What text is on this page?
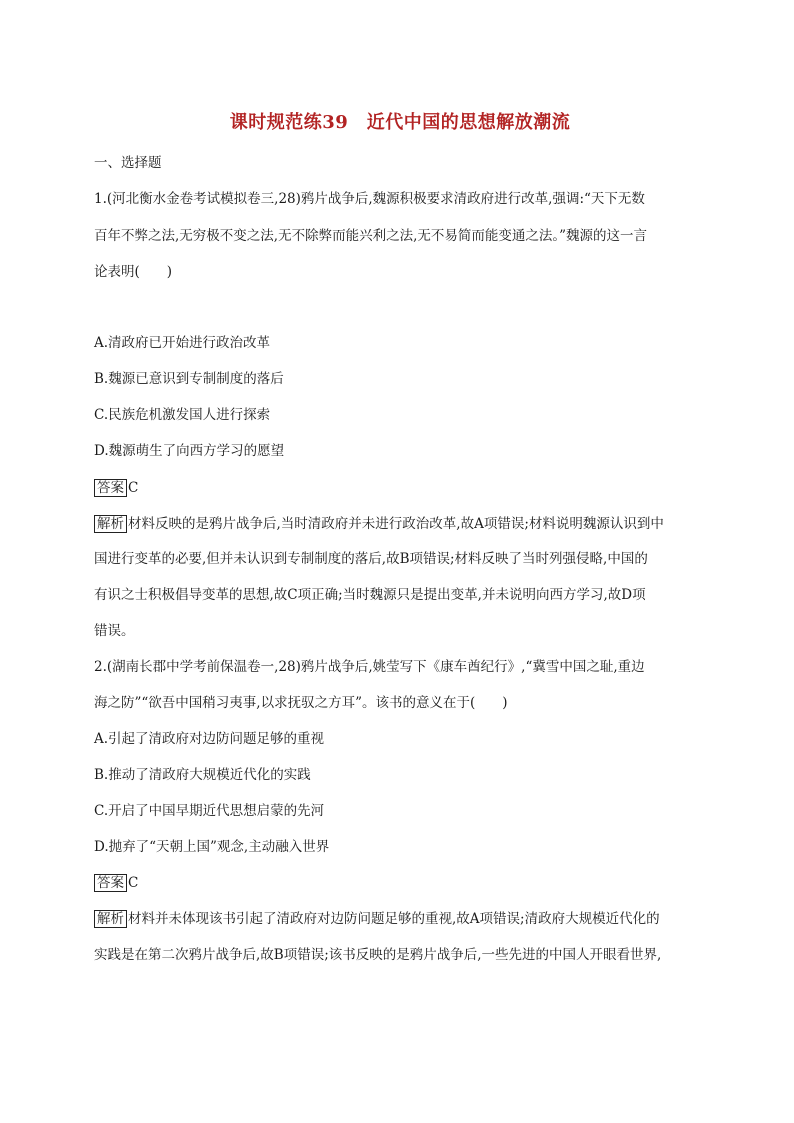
课时规范练39　近代中国的思想解放潮流
一、选择题
1.(河北衡水金卷考试模拟卷三,28)鸦片战争后,魏源积极要求清政府进行改革,强调:“天下无数
百年不弊之法,无穷极不变之法,无不除弊而能兴利之法,无不易简而能变通之法。”魏源的这一言
论表明(　　)
A.清政府已开始进行政治改革
B.魏源已意识到专制制度的落后
C.民族危机激发国人进行探索
D.魏源萌生了向西方学习的愿望
答案 C
解析 材料反映的是鸦片战争后,当时清政府并未进行政治改革,故A项错误;材料说明魏源认识到中
国进行变革的必要,但并未认识到专制制度的落后,故B项错误;材料反映了当时列强侵略,中国的
有识之士积极倡导变革的思想,故C项正确;当时魏源只是提出变革,并未说明向西方学习,故D项
错误。
2.(湖南长郡中学考前保温卷一,28)鸦片战争后,姚莹写下《康车酋纪行》,“冀雪中国之耻,重边
海之防”“欲吾中国稍习夷事,以求抚驭之方耳”。该书的意义在于(　　)
A.引起了清政府对边防问题足够的重视
B.推动了清政府大规模近代化的实践
C.开启了中国早期近代思想启蒙的先河
D.抛弃了“天朝上国”观念,主动融入世界
答案 C
解析 材料并未体现该书引起了清政府对边防问题足够的重视,故A项错误;清政府大规模近代化的
实践是在第二次鸦片战争后,故B项错误;该书反映的是鸦片战争后,一些先进的中国人开眼看世界,
